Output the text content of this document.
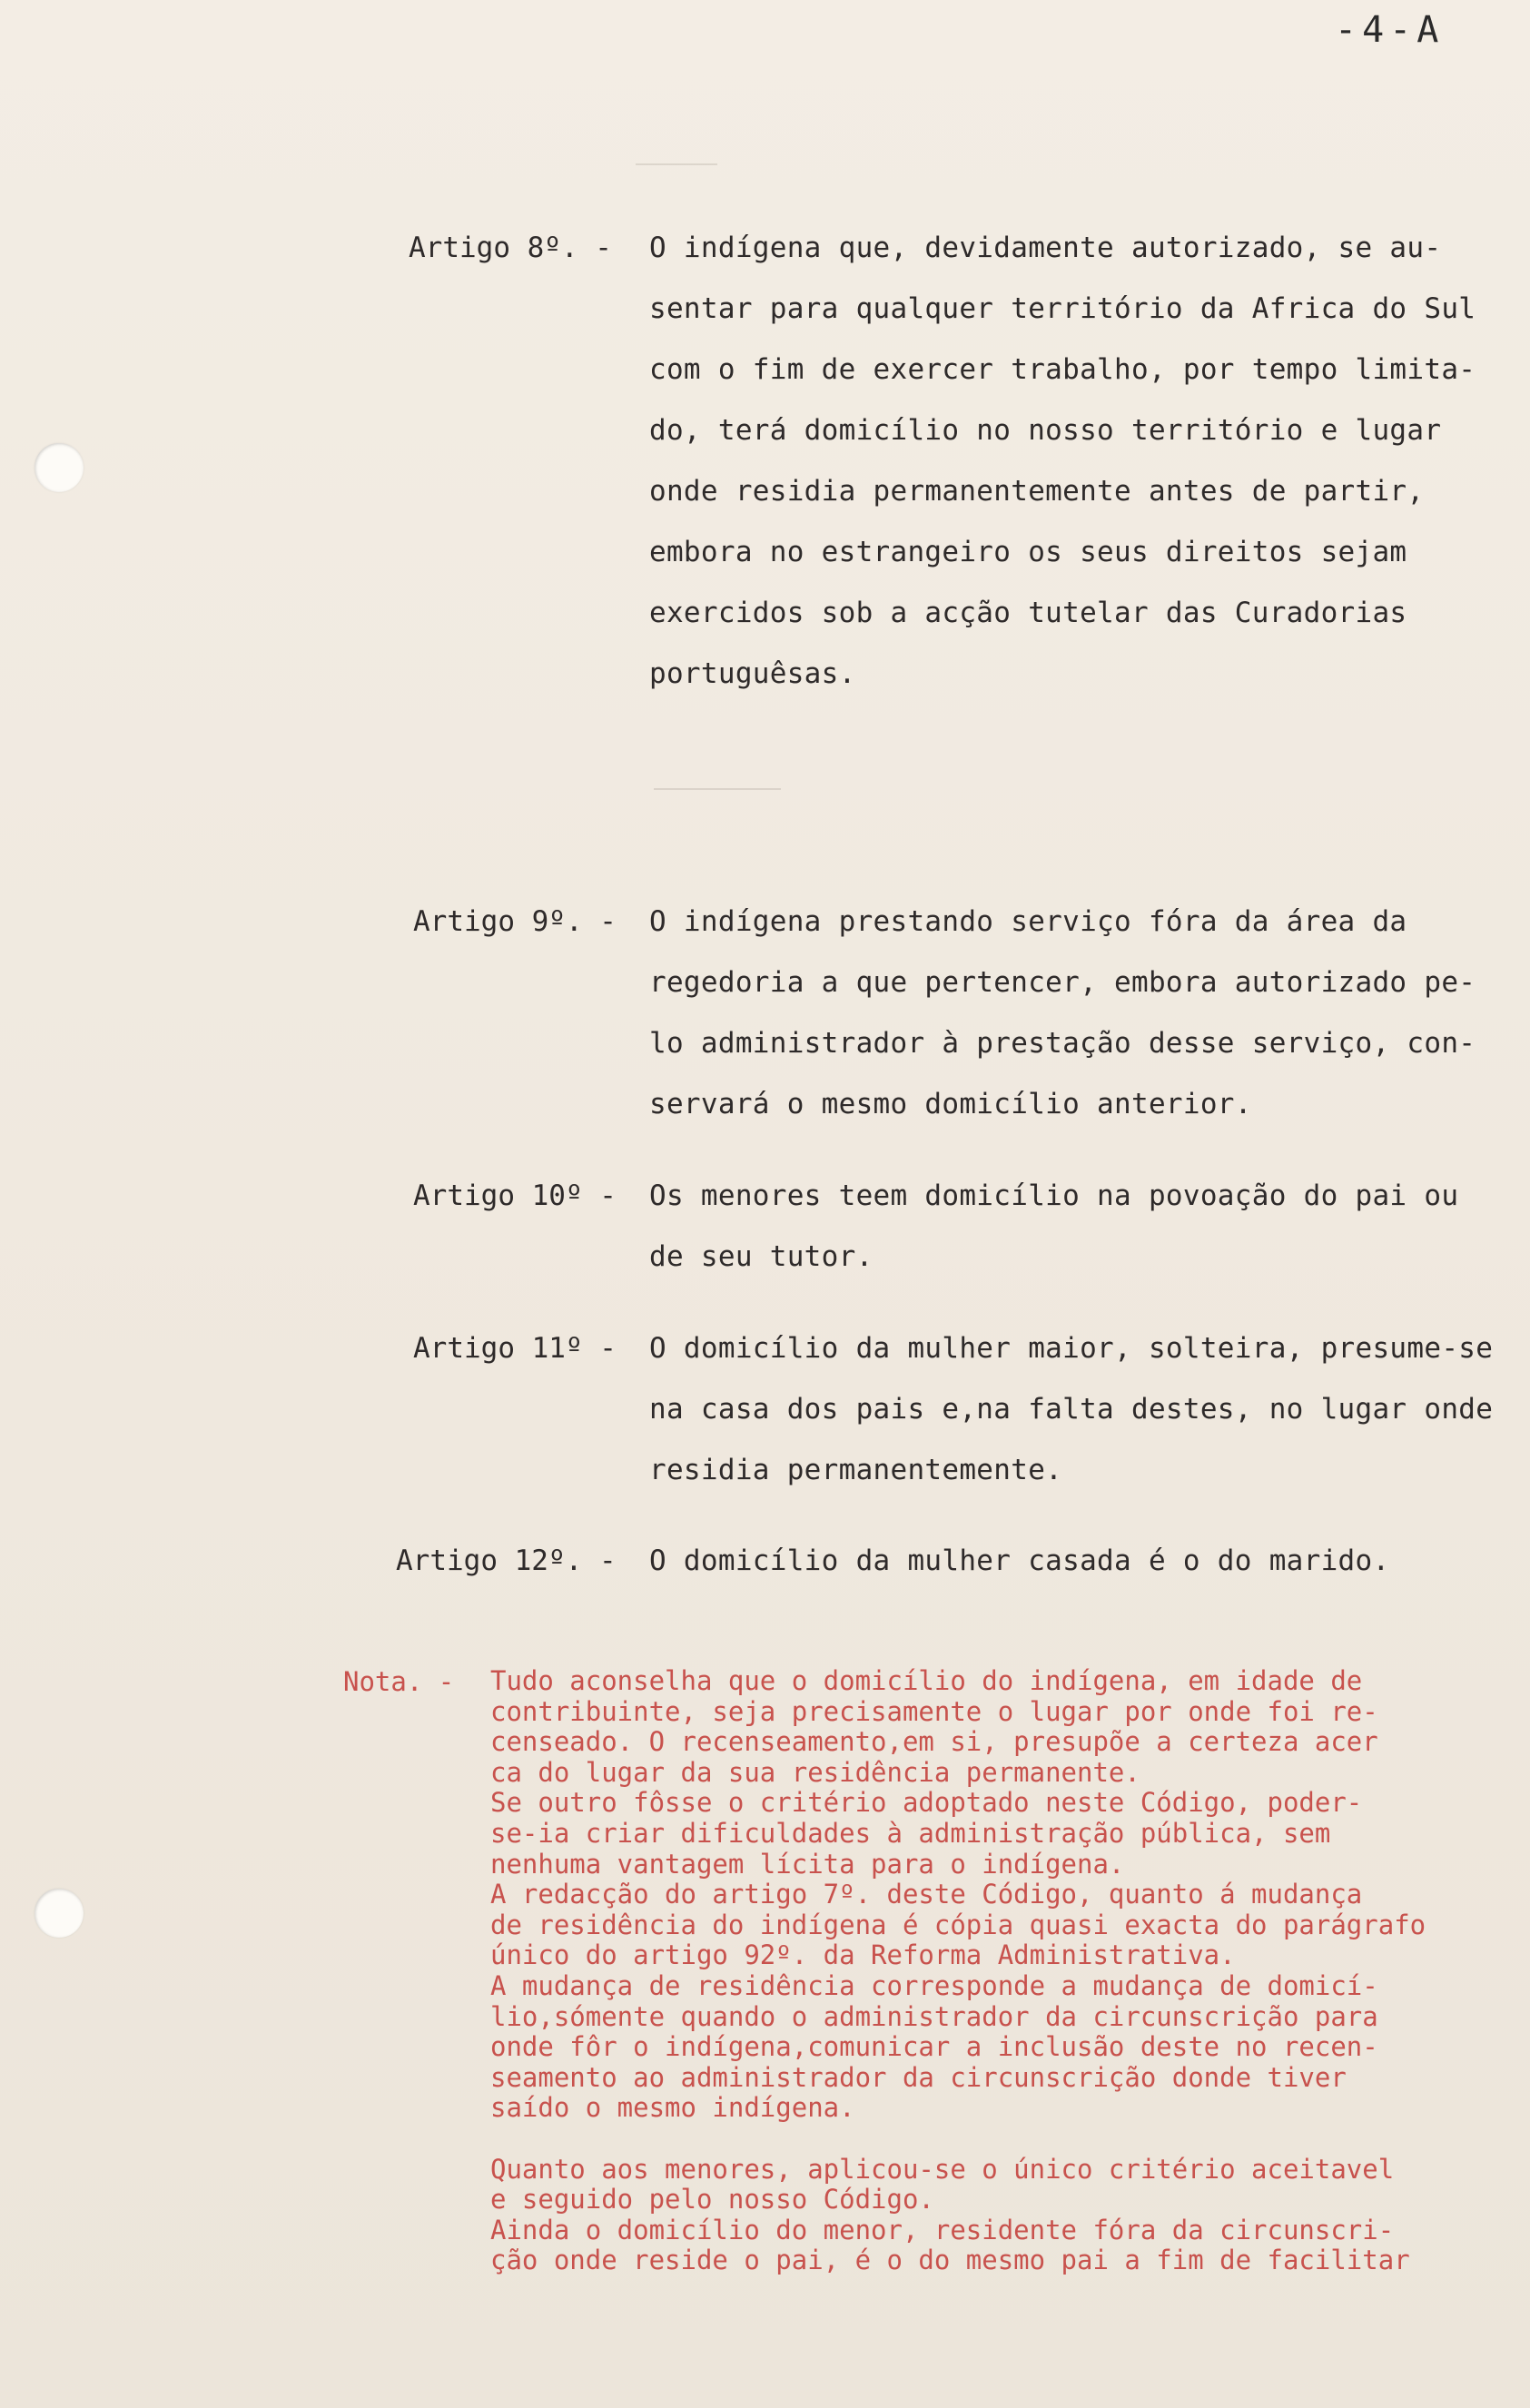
-4-A
Artigo 8º. - O indígena que, devidamente autorizado, se au-
sentar para qualquer território da Africa do Sul
com o fim de exercer trabalho, por tempo limita-
do, terá domicílio no nosso território e lugar
onde residia permanentemente antes de partir,
embora no estrangeiro os seus direitos sejam
exercidos sob a acção tutelar das Curadorias
portuguêsas.
Artigo 9º. - O indígena prestando serviço fóra da área da
regedoria a que pertencer, embora autorizado pe-
lo administrador à prestação desse serviço, con-
servará o mesmo domicílio anterior.
Artigo 10º - Os menores teem domicílio na povoação do pai ou
de seu tutor.
Artigo 11º - O domicílio da mulher maior, solteira, presume-se
na casa dos pais e,na falta destes, no lugar onde
residia permanentemente.
Artigo 12º. - O domicílio da mulher casada é o do marido.
Nota. - Tudo aconselha que o domicílio do indígena, em idade de
contribuinte, seja precisamente o lugar por onde foi re-
censeado. O recenseamento,em si, presupõe a certeza acer
ca do lugar da sua residência permanente.
Se outro fôsse o critério adoptado neste Código, poder-
se-ia criar dificuldades à administração pública, sem
nenhuma vantagem lícita para o indígena.
A redacção do artigo 7º. deste Código, quanto á mudança
de residência do indígena é cópia quasi exacta do parágrafo
único do artigo 92º. da Reforma Administrativa.
A mudança de residência corresponde a mudança de domicí-
lio,sómente quando o administrador da circunscrição para
onde fôr o indígena,comunicar a inclusão deste no recen-
seamento ao administrador da circunscrição donde tiver
saído o mesmo indígena.
Quanto aos menores, aplicou-se o único critério aceitavel
e seguido pelo nosso Código.
Ainda o domicílio do menor, residente fóra da circunscri-
ção onde reside o pai, é o do mesmo pai a fim de facilitar
